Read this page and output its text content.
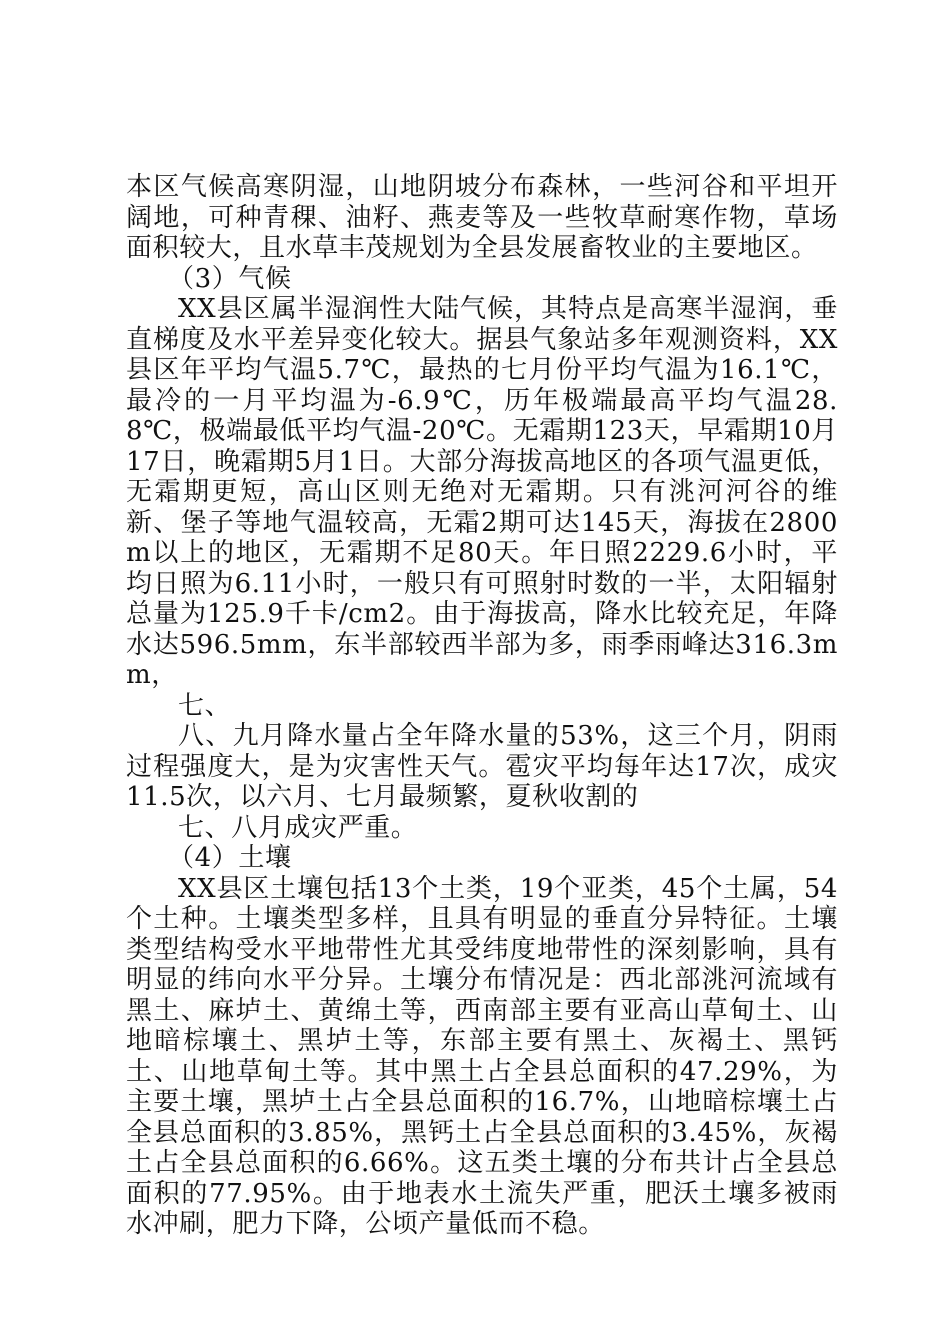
本区气候高寒阴湿，山地阴坡分布森林，一些河谷和平坦开阔地，可种青稞、油籽、燕麦等及一些牧草耐寒作物，草场面积较大，且水草丰茂规划为全县发展畜牧业的主要地区。

（3）气候

XX县区属半湿润性大陆气候，其特点是高寒半湿润，垂直梯度及水平差异变化较大。据县气象站多年观测资料，XX县区年平均气温5.7℃，最热的七月份平均气温为16.1℃，最冷的一月平均温为-6.9℃，历年极端最高平均气温28.8℃，极端最低平均气温-20℃。无霜期123天，早霜期10月17日，晚霜期5月1日。大部分海拔高地区的各项气温更低，无霜期更短，高山区则无绝对无霜期。只有洮河河谷的维新、堡子等地气温较高，无霜2期可达145天，海拔在2800m以上的地区，无霜期不足80天。年日照2229.6小时，平均日照为6.11小时，一般只有可照射时数的一半，太阳辐射总量为125.9千卡/cm2。由于海拔高，降水比较充足，年降水达596.5mm，东半部较西半部为多，雨季雨峰达316.3mm，

七、

八、九月降水量占全年降水量的53%，这三个月，阴雨过程强度大，是为灾害性天气。雹灾平均每年达17次，成灾11.5次，以六月、七月最频繁，夏秋收割的

七、八月成灾严重。

（4）土壤

XX县区土壤包括13个土类，19个亚类，45个土属，54个土种。土壤类型多样，且具有明显的垂直分异特征。土壤类型结构受水平地带性尤其受纬度地带性的深刻影响，具有明显的纬向水平分异。土壤分布情况是：西北部洮河流域有黑土、麻垆土、黄绵土等，西南部主要有亚高山草甸土、山地暗棕壤土、黑垆土等，东部主要有黑土、灰褐土、黑钙土、山地草甸土等。其中黑土占全县总面积的47.29%，为主要土壤，黑垆土占全县总面积的16.7%，山地暗棕壤土占全县总面积的3.85%，黑钙土占全县总面积的3.45%，灰褐土占全县总面积的6.66%。这五类土壤的分布共计占全县总面积的77.95%。由于地表水土流失严重，肥沃土壤多被雨水冲刷，肥力下降，公顷产量低而不稳。
